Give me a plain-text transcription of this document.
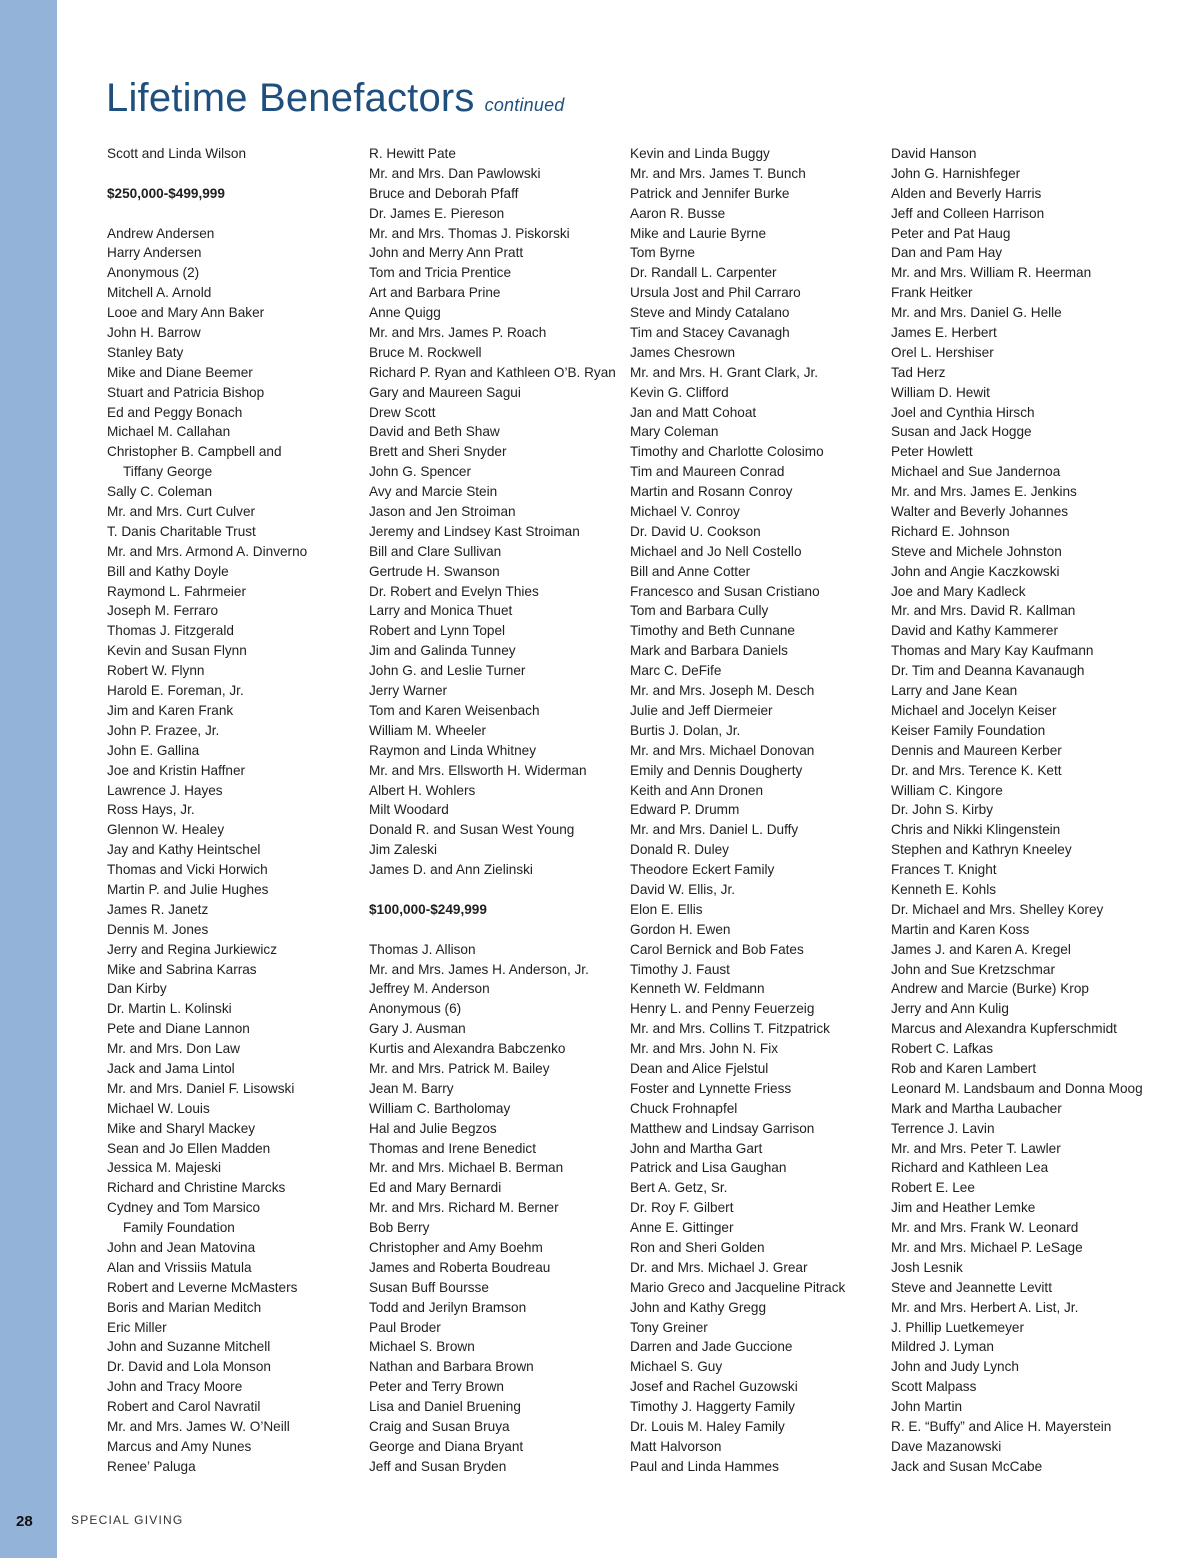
Lifetime Benefactors continued
Scott and Linda Wilson
$250,000-$499,999
Andrew Andersen
Harry Andersen
Anonymous (2)
Mitchell A. Arnold
Looe and Mary Ann Baker
John H. Barrow
Stanley Baty
Mike and Diane Beemer
Stuart and Patricia Bishop
Ed and Peggy Bonach
Michael M. Callahan
Christopher B. Campbell and
Tiffany George
Sally C. Coleman
Mr. and Mrs. Curt Culver
T. Danis Charitable Trust
Mr. and Mrs. Armond A. Dinverno
Bill and Kathy Doyle
Raymond L. Fahrmeier
Joseph M. Ferraro
Thomas J. Fitzgerald
Kevin and Susan Flynn
Robert W. Flynn
Harold E. Foreman, Jr.
Jim and Karen Frank
John P. Frazee, Jr.
John E. Gallina
Joe and Kristin Haffner
Lawrence J. Hayes
Ross Hays, Jr.
Glennon W. Healey
Jay and Kathy Heintschel
Thomas and Vicki Horwich
Martin P. and Julie Hughes
James R. Janetz
Dennis M. Jones
Jerry and Regina Jurkiewicz
Mike and Sabrina Karras
Dan Kirby
Dr. Martin L. Kolinski
Pete and Diane Lannon
Mr. and Mrs. Don Law
Jack and Jama Lintol
Mr. and Mrs. Daniel F. Lisowski
Michael W. Louis
Mike and Sharyl Mackey
Sean and Jo Ellen Madden
Jessica M. Majeski
Richard and Christine Marcks
Cydney and Tom Marsico
Family Foundation
John and Jean Matovina
Alan and Vrissiis Matula
Robert and Leverne McMasters
Boris and Marian Meditch
Eric Miller
John and Suzanne Mitchell
Dr. David and Lola Monson
John and Tracy Moore
Robert and Carol Navratil
Mr. and Mrs. James W. O’Neill
Marcus and Amy Nunes
Renee’ Paluga
R. Hewitt Pate
Mr. and Mrs. Dan Pawlowski
Bruce and Deborah Pfaff
Dr. James E. Piereson
Mr. and Mrs. Thomas J. Piskorski
John and Merry Ann Pratt
Tom and Tricia Prentice
Art and Barbara Prine
Anne Quigg
Mr. and Mrs. James P. Roach
Bruce M. Rockwell
Richard P. Ryan and Kathleen O’B. Ryan
Gary and Maureen Sagui
Drew Scott
David and Beth Shaw
Brett and Sheri Snyder
John G. Spencer
Avy and Marcie Stein
Jason and Jen Stroiman
Jeremy and Lindsey Kast Stroiman
Bill and Clare Sullivan
Gertrude H. Swanson
Dr. Robert and Evelyn Thies
Larry and Monica Thuet
Robert and Lynn Topel
Jim and Galinda Tunney
John G. and Leslie Turner
Jerry Warner
Tom and Karen Weisenbach
William M. Wheeler
Raymon and Linda Whitney
Mr. and Mrs. Ellsworth H. Widerman
Albert H. Wohlers
Milt Woodard
Donald R. and Susan West Young
Jim Zaleski
James D. and Ann Zielinski
$100,000-$249,999
Thomas J. Allison
Mr. and Mrs. James H. Anderson, Jr.
Jeffrey M. Anderson
Anonymous (6)
Gary J. Ausman
Kurtis and Alexandra Babczenko
Mr. and Mrs. Patrick M. Bailey
Jean M. Barry
William C. Bartholomay
Hal and Julie Begzos
Thomas and Irene Benedict
Mr. and Mrs. Michael B. Berman
Ed and Mary Bernardi
Mr. and Mrs. Richard M. Berner
Bob Berry
Christopher and Amy Boehm
James and Roberta Boudreau
Susan Buff Boursse
Todd and Jerilyn Bramson
Paul Broder
Michael S. Brown
Nathan and Barbara Brown
Peter and Terry Brown
Lisa and Daniel Bruening
Craig and Susan Bruya
George and Diana Bryant
Jeff and Susan Bryden
Kevin and Linda Buggy
Mr. and Mrs. James T. Bunch
Patrick and Jennifer Burke
Aaron R. Busse
Mike and Laurie Byrne
Tom Byrne
Dr. Randall L. Carpenter
Ursula Jost and Phil Carraro
Steve and Mindy Catalano
Tim and Stacey Cavanagh
James Chesrown
Mr. and Mrs. H. Grant Clark, Jr.
Kevin G. Clifford
Jan and Matt Cohoat
Mary Coleman
Timothy and Charlotte Colosimo
Tim and Maureen Conrad
Martin and Rosann Conroy
Michael V. Conroy
Dr. David U. Cookson
Michael and Jo Nell Costello
Bill and Anne Cotter
Francesco and Susan Cristiano
Tom and Barbara Cully
Timothy and Beth Cunnane
Mark and Barbara Daniels
Marc C. DeFife
Mr. and Mrs. Joseph M. Desch
Julie and Jeff Diermeier
Burtis J. Dolan, Jr.
Mr. and Mrs. Michael Donovan
Emily and Dennis Dougherty
Keith and Ann Dronen
Edward P. Drumm
Mr. and Mrs. Daniel L. Duffy
Donald R. Duley
Theodore Eckert Family
David W. Ellis, Jr.
Elon E. Ellis
Gordon H. Ewen
Carol Bernick and Bob Fates
Timothy J. Faust
Kenneth W. Feldmann
Henry L. and Penny Feuerzeig
Mr. and Mrs. Collins T. Fitzpatrick
Mr. and Mrs. John N. Fix
Dean and Alice Fjelstul
Foster and Lynnette Friess
Chuck Frohnapfel
Matthew and Lindsay Garrison
John and Martha Gart
Patrick and Lisa Gaughan
Bert A. Getz, Sr.
Dr. Roy F. Gilbert
Anne E. Gittinger
Ron and Sheri Golden
Dr. and Mrs. Michael J. Grear
Mario Greco and Jacqueline Pitrack
John and Kathy Gregg
Tony Greiner
Darren and Jade Guccione
Michael S. Guy
Josef and Rachel Guzowski
Timothy J. Haggerty Family
Dr. Louis M. Haley Family
Matt Halvorson
Paul and Linda Hammes
David Hanson
John G. Harnishfeger
Alden and Beverly Harris
Jeff and Colleen Harrison
Peter and Pat Haug
Dan and Pam Hay
Mr. and Mrs. William R. Heerman
Frank Heitker
Mr. and Mrs. Daniel G. Helle
James E. Herbert
Orel L. Hershiser
Tad Herz
William D. Hewit
Joel and Cynthia Hirsch
Susan and Jack Hogge
Peter Howlett
Michael and Sue Jandernoa
Mr. and Mrs. James E. Jenkins
Walter and Beverly Johannes
Richard E. Johnson
Steve and Michele Johnston
John and Angie Kaczkowski
Joe and Mary Kadleck
Mr. and Mrs. David R. Kallman
David and Kathy Kammerer
Thomas and Mary Kay Kaufmann
Dr. Tim and Deanna Kavanaugh
Larry and Jane Kean
Michael and Jocelyn Keiser
Keiser Family Foundation
Dennis and Maureen Kerber
Dr. and Mrs. Terence K. Kett
William C. Kingore
Dr. John S. Kirby
Chris and Nikki Klingenstein
Stephen and Kathryn Kneeley
Frances T. Knight
Kenneth E. Kohls
Dr. Michael and Mrs. Shelley Korey
Martin and Karen Koss
James J. and Karen A. Kregel
John and Sue Kretzschmar
Andrew and Marcie (Burke) Krop
Jerry and Ann Kulig
Marcus and Alexandra Kupferschmidt
Robert C. Lafkas
Rob and Karen Lambert
Leonard M. Landsbaum and Donna Moog
Mark and Martha Laubacher
Terrence J. Lavin
Mr. and Mrs. Peter T. Lawler
Richard and Kathleen Lea
Robert E. Lee
Jim and Heather Lemke
Mr. and Mrs. Frank W. Leonard
Mr. and Mrs. Michael P. LeSage
Josh Lesnik
Steve and Jeannette Levitt
Mr. and Mrs. Herbert A. List, Jr.
J. Phillip Luetkemeyer
Mildred J. Lyman
John and Judy Lynch
Scott Malpass
John Martin
R. E. “Buffy” and Alice H. Mayerstein
Dave Mazanowski
Jack and Susan McCabe
28	SPECIAL GIVING
